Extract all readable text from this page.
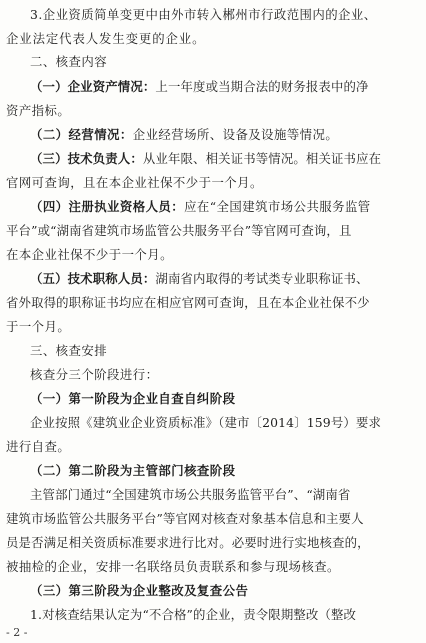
3.企业资质简单变更中由外市转入郴州市行政范围内的企业、
企业法定代表人发生变更的企业。
二、核查内容
（一）企业资产情况：上一年度或当期合法的财务报表中的净
资产指标。
（二）经营情况：企业经营场所、设备及设施等情况。
（三）技术负责人：从业年限、相关证书等情况。相关证书应在
官网可查询，且在本企业社保不少于一个月。
（四）注册执业资格人员：应在“全国建筑市场公共服务监管
平台”或“湖南省建筑市场监管公共服务平台”等官网可查询，且
在本企业社保不少于一个月。
（五）技术职称人员：湖南省内取得的考试类专业职称证书、
省外取得的职称证书均应在相应官网可查询，且在本企业社保不少
于一个月。
三、核查安排
核查分三个阶段进行：
（一）第一阶段为企业自查自纠阶段
企业按照《建筑业企业资质标准》（建市〔2014〕159号）要求
进行自查。
（二）第二阶段为主管部门核查阶段
主管部门通过“全国建筑市场公共服务监管平台”、“湖南省
建筑市场监管公共服务平台”等官网对核查对象基本信息和主要人
员是否满足相关资质标准要求进行比对。必要时进行实地核查的，
被抽检的企业，安排一名联络员负责联系和参与现场核查。
（三）第三阶段为企业整改及复查公告
1.对核查结果认定为“不合格”的企业，责令限期整改（整改
- 2 -
